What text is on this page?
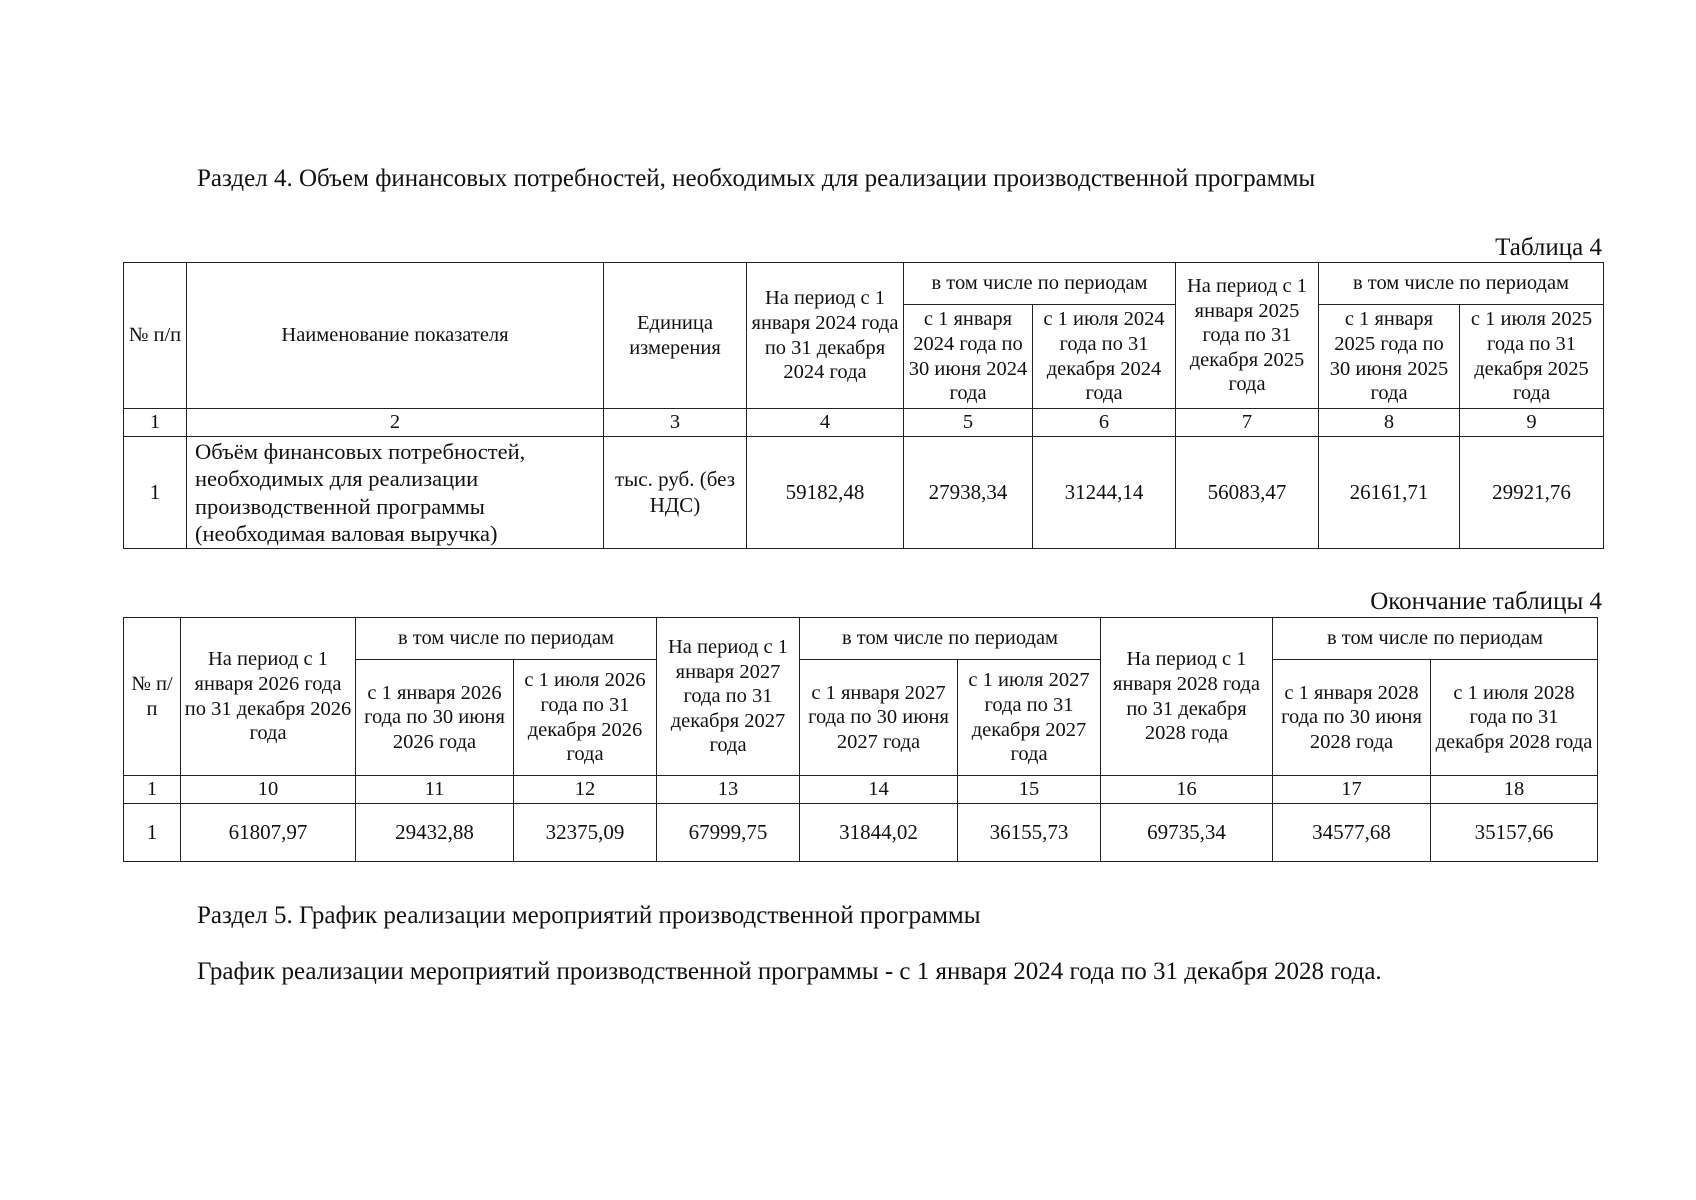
Раздел 4. Объем финансовых потребностей, необходимых для реализации производственной программы
Таблица 4
№ п/п	Наименование показателя	Единица измерения	На период с 1 января 2024 года по 31 декабря 2024 года	в том числе по периодам		На период с 1 января 2025 года по 31 декабря 2025 года	в том числе по периодам	
				с 1 января 2024 года по 30 июня 2024 года	с 1 июля 2024 года по 31 декабря 2024 года		с 1 января 2025 года по 30 июня 2025 года	с 1 июля 2025 года по 31 декабря 2025 года
1	2	3	4	5	6	7	8	9
1	Объём финансовых потребностей, необходимых для реализации производственной программы (необходимая валовая выручка)	тыс. руб. (без НДС)	59182,48	27938,34	31244,14	56083,47	26161,71	29921,76
Окончание таблицы 4
№ п/п	На период с 1 января 2026 года по 31 декабря 2026 года	в том числе по периодам		На период с 1 января 2027 года по 31 декабря 2027 года	в том числе по периодам		На период с 1 января 2028 года по 31 декабря 2028 года	в том числе по периодам	
		с 1 января 2026 года по 30 июня 2026 года	с 1 июля 2026 года по 31 декабря 2026 года		с 1 января 2027 года по 30 июня 2027 года	с 1 июля 2027 года по 31 декабря 2027 года		с 1 января 2028 года по 30 июня 2028 года	с 1 июля 2028 года по 31 декабря 2028 года
1	10	11	12	13	14	15	16	17	18
1	61807,97	29432,88	32375,09	67999,75	31844,02	36155,73	69735,34	34577,68	35157,66
Раздел 5. График реализации мероприятий производственной программы
График реализации мероприятий производственной программы - с 1 января 2024 года по 31 декабря 2028 года.
